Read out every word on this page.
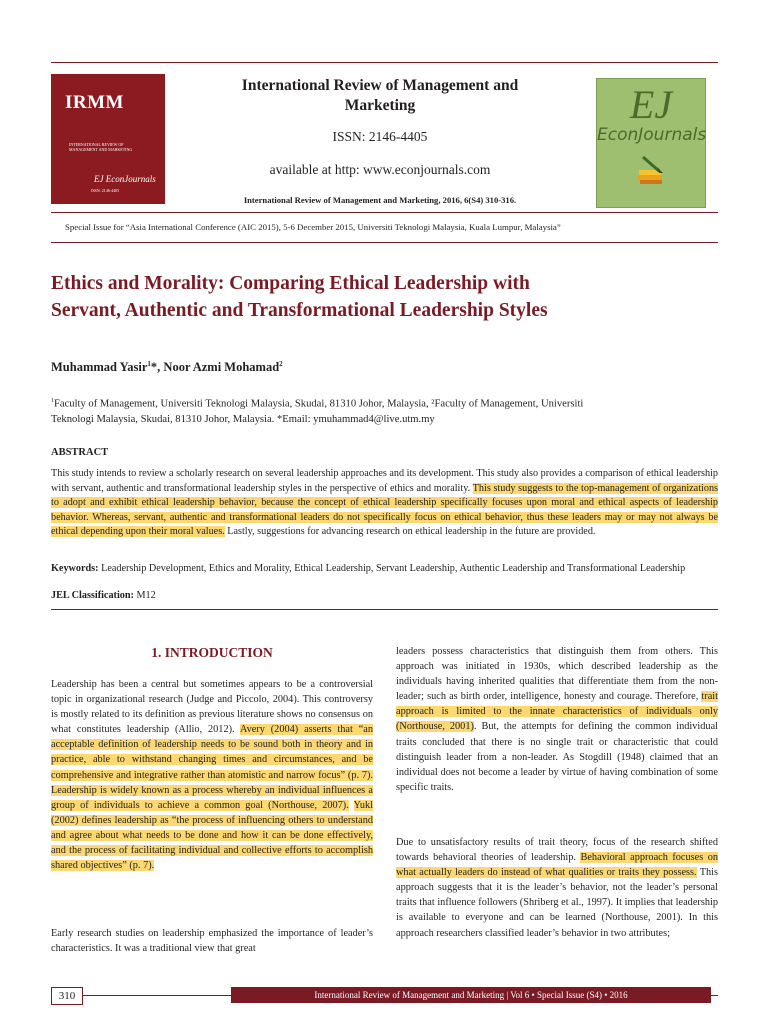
IRMM
INTERNATIONAL REVIEW OF MANAGEMENT AND MARKETING
EJ EconJournals
ISSN: 2146-4405
International Review of Management and Marketing
ISSN: 2146-4405
available at http: www.econjournals.com
International Review of Management and Marketing, 2016, 6(S4) 310-316.
EJ
EconJournals
Special Issue for “Asia International Conference (AIC 2015), 5-6 December 2015, Universiti Teknologi Malaysia, Kuala Lumpur, Malaysia”
Ethics and Morality: Comparing Ethical Leadership with
Servant, Authentic and Transformational Leadership Styles
Muhammad Yasir$^1$*, Noor Azmi Mohamad$^2$
$^1$Faculty of Management, Universiti Teknologi Malaysia, Skudai, 81310 Johor, Malaysia, ²Faculty of Management, Universiti
Teknologi Malaysia, Skudai, 81310 Johor, Malaysia. *Email: ymuhammad4@live.utm.my
ABSTRACT
This study intends to review a scholarly research on several leadership approaches and its development. This study also provides a comparison of ethical leadership with servant, authentic and transformational leadership styles in the perspective of ethics and morality. This study suggests to the top-management of organizations to adopt and exhibit ethical leadership behavior, because the concept of ethical leadership specifically focuses upon moral and ethical aspects of leadership behavior. Whereas, servant, authentic and transformational leaders do not specifically focus on ethical behavior, thus these leaders may or may not always be ethical depending upon their moral values. Lastly, suggestions for advancing research on ethical leadership in the future are provided.
Keywords: Leadership Development, Ethics and Morality, Ethical Leadership, Servant Leadership, Authentic Leadership and Transformational Leadership
JEL Classification: M12
1. INTRODUCTION
Leadership has been a central but sometimes appears to be a controversial topic in organizational research (Judge and Piccolo, 2004). This controversy is mostly related to its definition as previous literature shows no consensus on what constitutes leadership (Allio, 2012). Avery (2004) asserts that “an acceptable definition of leadership needs to be sound both in theory and in practice, able to withstand changing times and circumstances, and be comprehensive and integrative rather than atomistic and narrow focus” (p. 7). Leadership is widely known as a process whereby an individual influences a group of individuals to achieve a common goal (Northouse, 2007). Yukl (2002) defines leadership as “the process of influencing others to understand and agree about what needs to be done and how it can be done effectively, and the process of facilitating individual and collective efforts to accomplish shared objectives” (p. 7).
Early research studies on leadership emphasized the importance of leader’s characteristics. It was a traditional view that great
leaders possess characteristics that distinguish them from others. This approach was initiated in 1930s, which described leadership as the individuals having inherited qualities that differentiate them from the non-leader; such as birth order, intelligence, honesty and courage. Therefore, trait approach is limited to the innate characteristics of individuals only (Northouse, 2001). But, the attempts for defining the common individual traits concluded that there is no single trait or characteristic that could distinguish leader from a non-leader. As Stogdill (1948) claimed that an individual does not become a leader by virtue of having combination of some specific traits.
Due to unsatisfactory results of trait theory, focus of the research shifted towards behavioral theories of leadership. Behavioral approach focuses on what actually leaders do instead of what qualities or traits they possess. This approach suggests that it is the leader’s behavior, not the leader’s personal traits that influence followers (Shriberg et al., 1997). It implies that leadership is available to everyone and can be learned (Northouse, 2001). In this approach researchers classified leader’s behavior in two attributes;
310	International Review of Management and Marketing | Vol 6 • Special Issue (S4) • 2016
